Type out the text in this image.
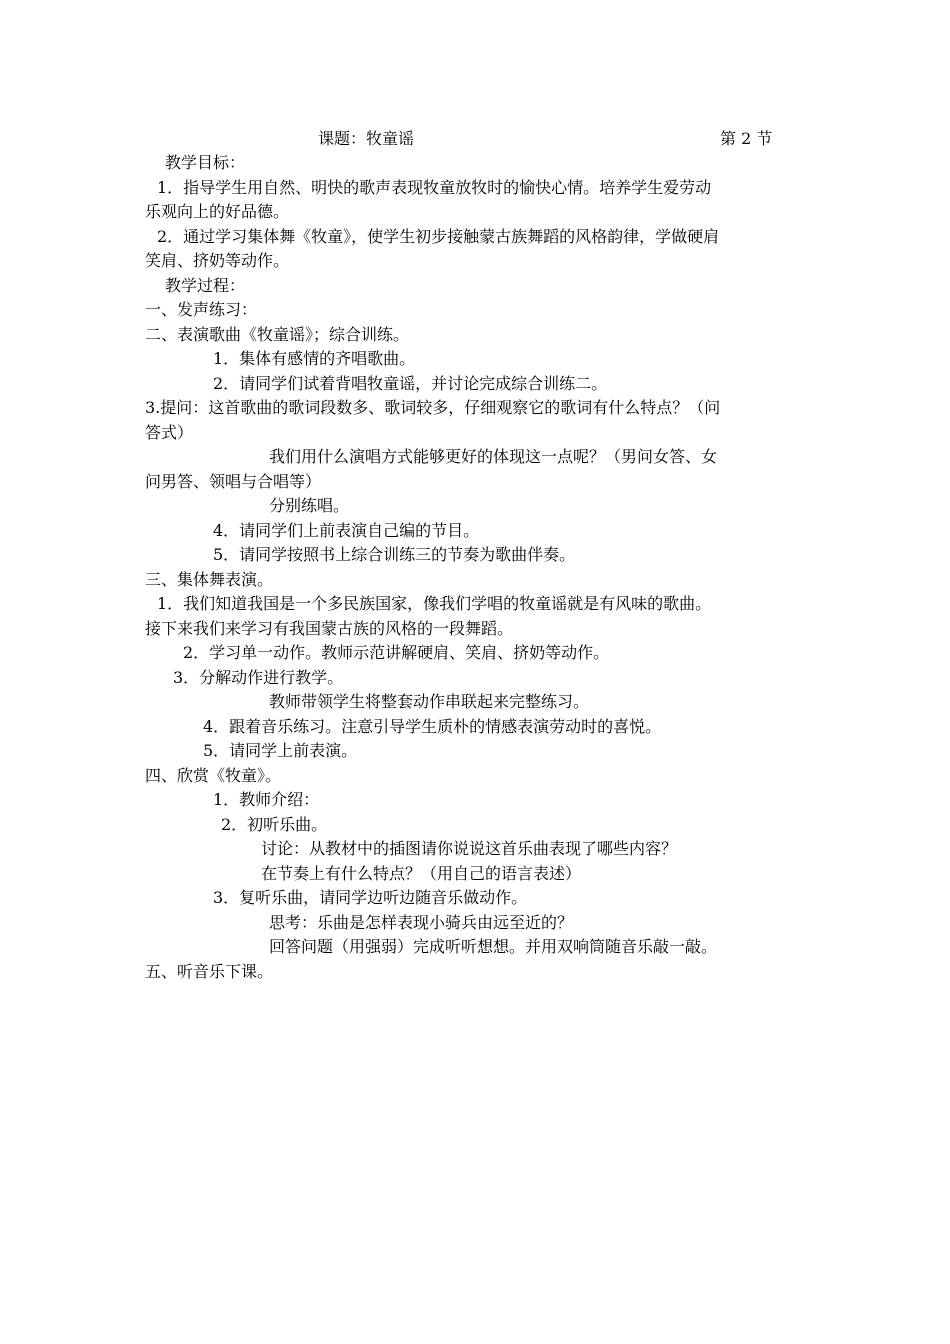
课题：牧童谣	第 2 节
教学目标：
1．指导学生用自然、明快的歌声表现牧童放牧时的愉快心情。培养学生爱劳动
乐观向上的好品德。
2．通过学习集体舞《牧童》，使学生初步接触蒙古族舞蹈的风格韵律，学做硬肩
笑肩、挤奶等动作。
教学过程：
一、发声练习：
二、表演歌曲《牧童谣》；综合训练。
1．集体有感情的齐唱歌曲。
2．请同学们试着背唱牧童谣，并讨论完成综合训练二。
3.提问：这首歌曲的歌词段数多、歌词较多，仔细观察它的歌词有什么特点？（问
答式）
我们用什么演唱方式能够更好的体现这一点呢？（男问女答、女
问男答、领唱与合唱等）
分别练唱。
4．请同学们上前表演自己编的节目。
5．请同学按照书上综合训练三的节奏为歌曲伴奏。
三、集体舞表演。
1．我们知道我国是一个多民族国家，像我们学唱的牧童谣就是有风味的歌曲。
接下来我们来学习有我国蒙古族的风格的一段舞蹈。
2．学习单一动作。教师示范讲解硬肩、笑肩、挤奶等动作。
3．分解动作进行教学。
教师带领学生将整套动作串联起来完整练习。
4．跟着音乐练习。注意引导学生质朴的情感表演劳动时的喜悦。
5．请同学上前表演。
四、欣赏《牧童》。
1．教师介绍：
2．初听乐曲。
讨论：从教材中的插图请你说说这首乐曲表现了哪些内容？
在节奏上有什么特点？（用自己的语言表述）
3．复听乐曲，请同学边听边随音乐做动作。
思考：乐曲是怎样表现小骑兵由远至近的？
回答问题（用强弱）完成听听想想。并用双响筒随音乐敲一敲。
五、听音乐下课。
